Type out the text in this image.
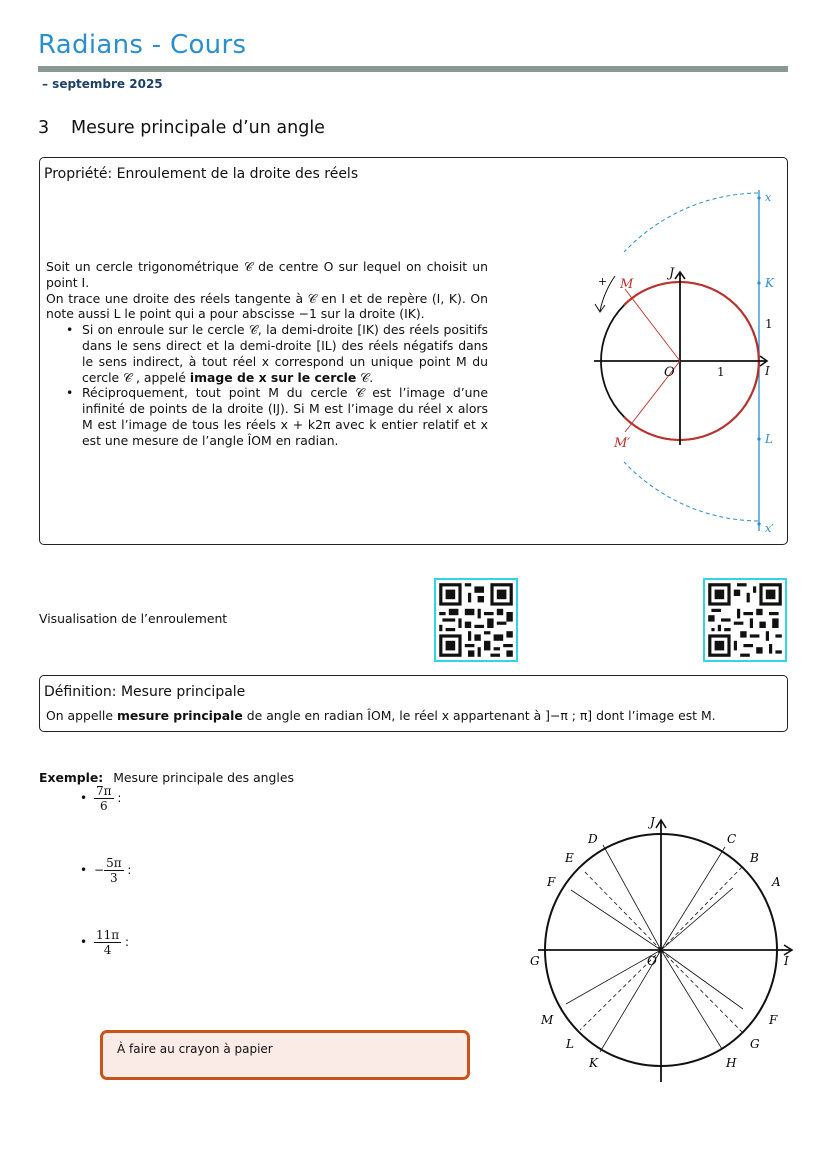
Radians - Cours
– septembre 2025
3 Mesure principale d’un angle
Propriété: Enroulement de la droite des réels
Soit un cercle trigonométrique 𝒞 de centre O sur lequel on choisit un point I.
On trace une droite des réels tangente à 𝒞 en I et de repère (I, K). On note aussi L le point qui a pour abscisse −1 sur la droite (IK).
• Si on enroule sur le cercle 𝒞, la demi-droite [IK) des réels positifs dans le sens direct et la demi-droite [IL) des réels négatifs dans le sens indirect, à tout réel x correspond un unique point M du cercle 𝒞 , appelé image de x sur le cercle 𝒞.
• Réciproquement, tout point M du cercle 𝒞 est l’image d’une infinité de points de la droite (IJ). Si M est l’image du réel x alors M est l’image de tous les réels x + k2π avec k entier relatif et x est une mesure de l’angle ÎOM en radian.
x
K
1
I
L
x′
J
M
+
O	1
M′
Visualisation de l’enroulement
Définition: Mesure principale
On appelle mesure principale de angle en radian ÎOM, le réel x appartenant à ]−π ; π] dont l’image est M.
Exemple: Mesure principale des angles
• $\frac{7\pi}{6}$ :
• − $\frac{5\pi}{3}$ :
• $\frac{11\pi}{4}$ :
À faire au crayon à papier
J
I
O
A
B
C
D
E
F
G
M
L
K	H
G
F
